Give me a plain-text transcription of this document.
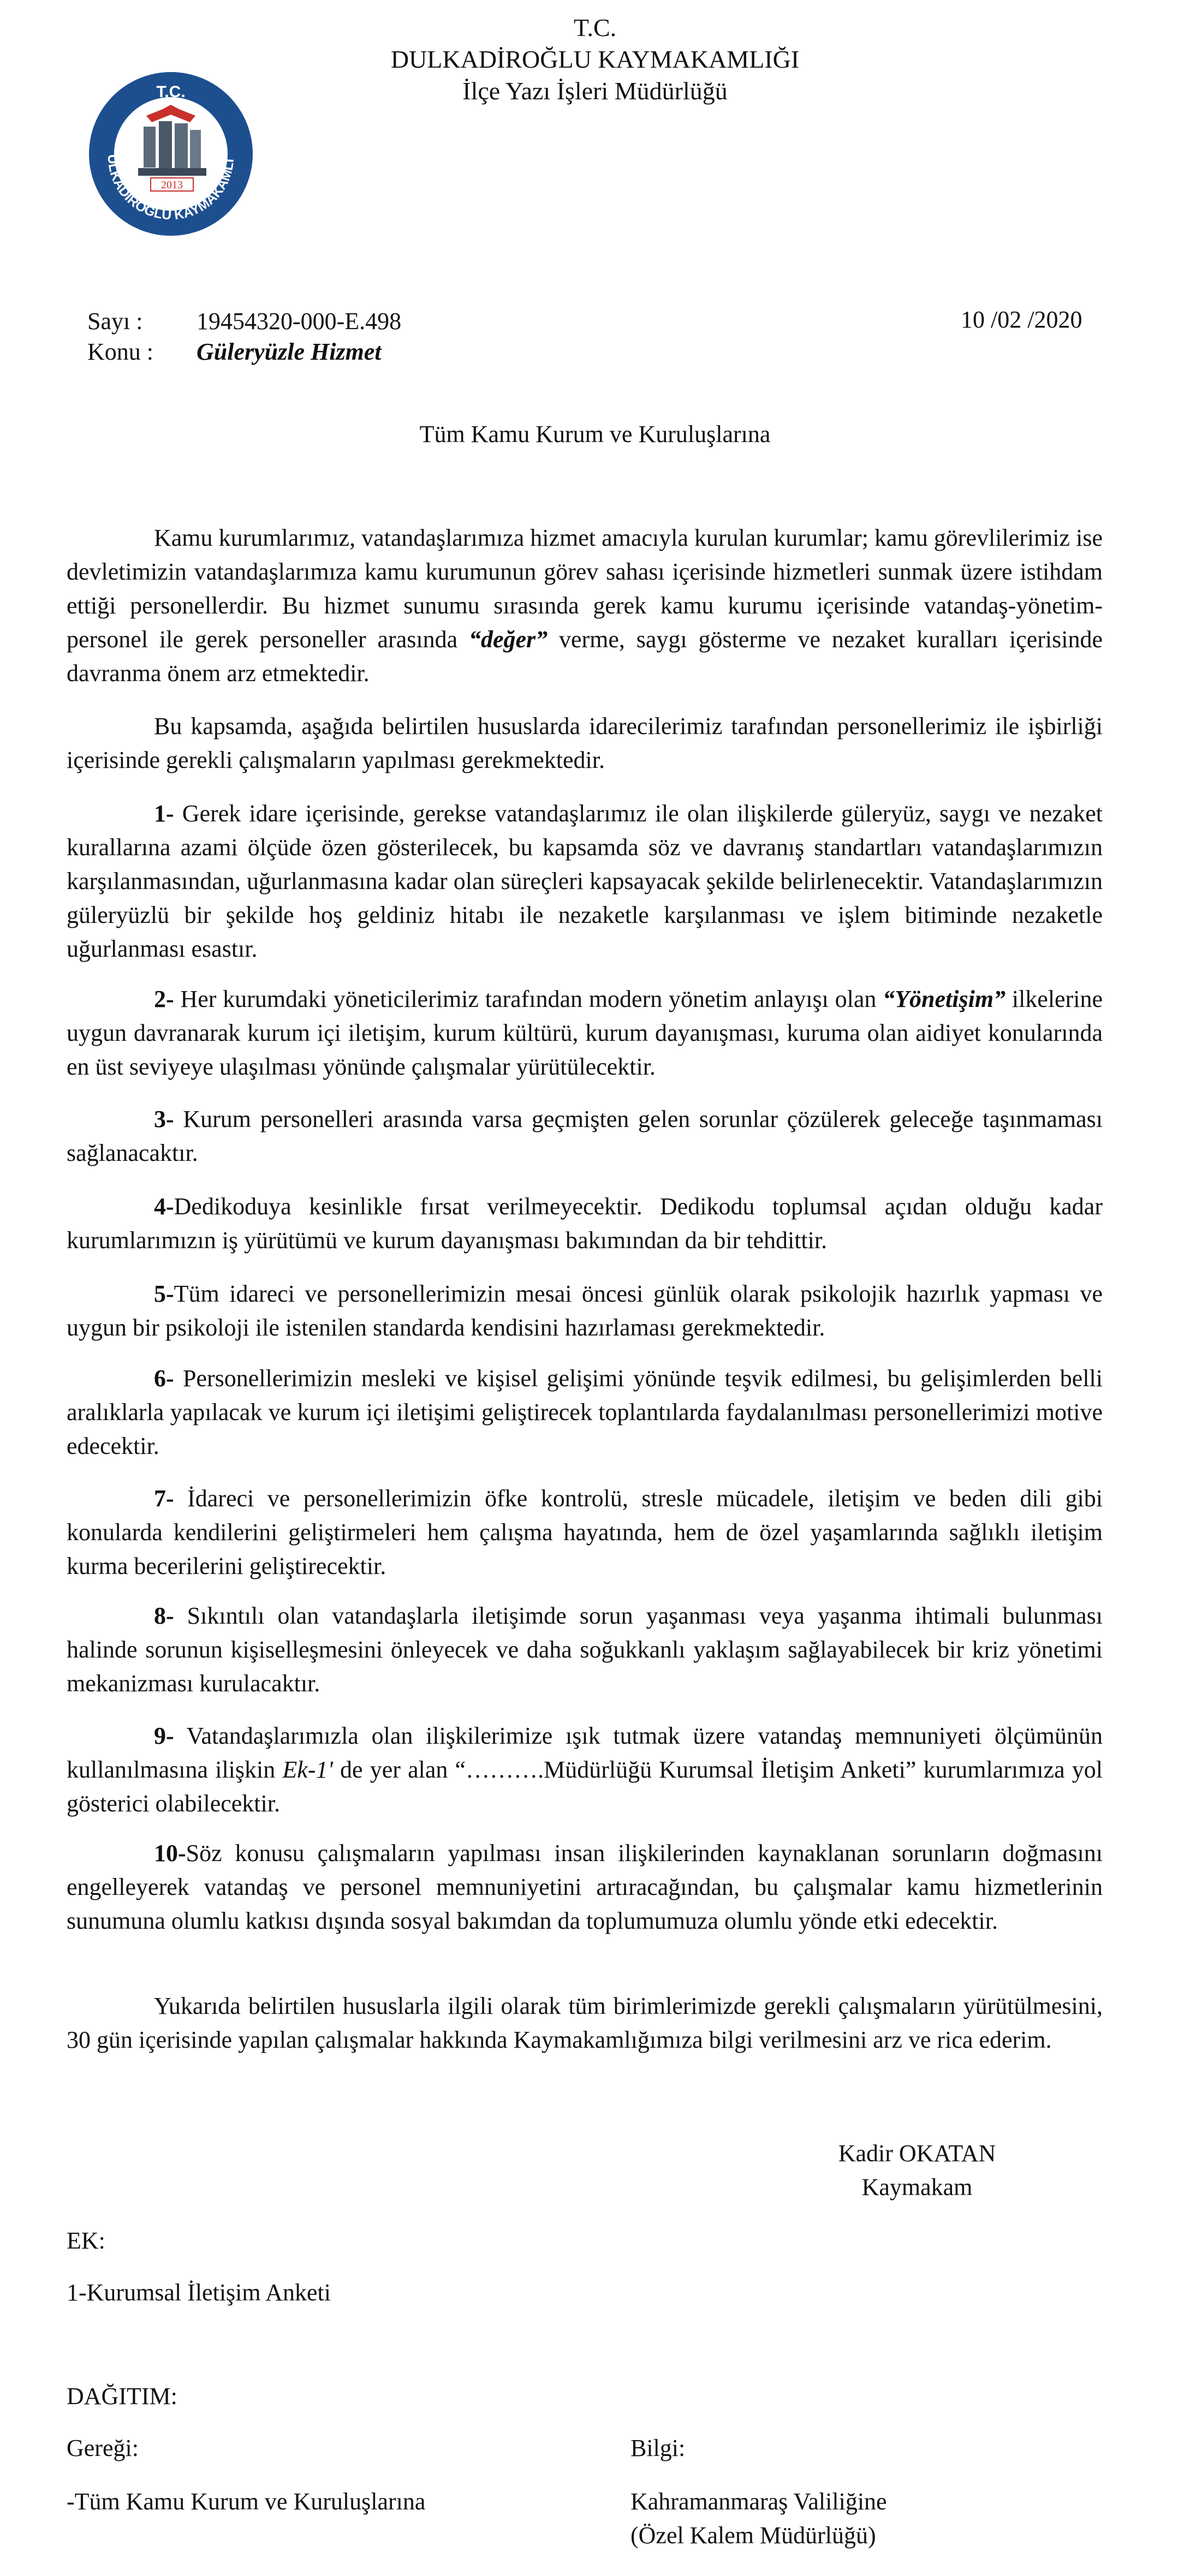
T.C.
DULKADİROĞLU KAYMAKAMLIĞI
İlçe Yazı İşleri Müdürlüğü
T.C.
ULKADİROĞLU KAYMAKAMLI
2013
Sayı : 19454320-000-E.498
Konu : Güleryüzle Hizmet
10 /02 /2020
Tüm Kamu Kurum ve Kuruluşlarına
Kamu kurumlarımız, vatandaşlarımıza hizmet amacıyla kurulan kurumlar; kamu görevlilerimiz ise devletimizin vatandaşlarımıza kamu kurumunun görev sahası içerisinde hizmetleri sunmak üzere istihdam ettiği personellerdir. Bu hizmet sunumu sırasında gerek kamu kurumu içerisinde vatandaş-yönetim-personel ile gerek personeller arasında “değer” verme, saygı gösterme ve nezaket kuralları içerisinde davranma önem arz etmektedir.
Bu kapsamda, aşağıda belirtilen hususlarda idarecilerimiz tarafından personellerimiz ile işbirliği içerisinde gerekli çalışmaların yapılması gerekmektedir.
1- Gerek idare içerisinde, gerekse vatandaşlarımız ile olan ilişkilerde güleryüz, saygı ve nezaket kurallarına azami ölçüde özen gösterilecek, bu kapsamda söz ve davranış standartları vatandaşlarımızın karşılanmasından, uğurlanmasına kadar olan süreçleri kapsayacak şekilde belirlenecektir. Vatandaşlarımızın güleryüzlü bir şekilde hoş geldiniz hitabı ile nezaketle karşılanması ve işlem bitiminde nezaketle uğurlanması esastır.
2- Her kurumdaki yöneticilerimiz tarafından modern yönetim anlayışı olan “Yönetişim” ilkelerine uygun davranarak kurum içi iletişim, kurum kültürü, kurum dayanışması, kuruma olan aidiyet konularında en üst seviyeye ulaşılması yönünde çalışmalar yürütülecektir.
3- Kurum personelleri arasında varsa geçmişten gelen sorunlar çözülerek geleceğe taşınmaması sağlanacaktır.
4-Dedikoduya kesinlikle fırsat verilmeyecektir. Dedikodu toplumsal açıdan olduğu kadar kurumlarımızın iş yürütümü ve kurum dayanışması bakımından da bir tehdittir.
5-Tüm idareci ve personellerimizin mesai öncesi günlük olarak psikolojik hazırlık yapması ve uygun bir psikoloji ile istenilen standarda kendisini hazırlaması gerekmektedir.
6- Personellerimizin mesleki ve kişisel gelişimi yönünde teşvik edilmesi, bu gelişimlerden belli aralıklarla yapılacak ve kurum içi iletişimi geliştirecek toplantılarda faydalanılması personellerimizi motive edecektir.
7- İdareci ve personellerimizin öfke kontrolü, stresle mücadele, iletişim ve beden dili gibi konularda kendilerini geliştirmeleri hem çalışma hayatında, hem de özel yaşamlarında sağlıklı iletişim kurma becerilerini geliştirecektir.
8- Sıkıntılı olan vatandaşlarla iletişimde sorun yaşanması veya yaşanma ihtimali bulunması halinde sorunun kişiselleşmesini önleyecek ve daha soğukkanlı yaklaşım sağlayabilecek bir kriz yönetimi mekanizması kurulacaktır.
9- Vatandaşlarımızla olan ilişkilerimize ışık tutmak üzere vatandaş memnuniyeti ölçümünün kullanılmasına ilişkin Ek-1' de yer alan “……….Müdürlüğü Kurumsal İletişim Anketi” kurumlarımıza yol gösterici olabilecektir.
10-Söz konusu çalışmaların yapılması insan ilişkilerinden kaynaklanan sorunların doğmasını engelleyerek vatandaş ve personel memnuniyetini artıracağından, bu çalışmalar kamu hizmetlerinin sunumuna olumlu katkısı dışında sosyal bakımdan da toplumumuza olumlu yönde etki edecektir.
Yukarıda belirtilen hususlarla ilgili olarak tüm birimlerimizde gerekli çalışmaların yürütülmesini, 30 gün içerisinde yapılan çalışmalar hakkında Kaymakamlığımıza bilgi verilmesini arz ve rica ederim.
Kadir OKATAN
Kaymakam
EK:
1-Kurumsal İletişim Anketi
DAĞITIM:
Gereği:
-Tüm Kamu Kurum ve Kuruluşlarına
Bilgi:
Kahramanmaraş Valiliğine
(Özel Kalem Müdürlüğü)
